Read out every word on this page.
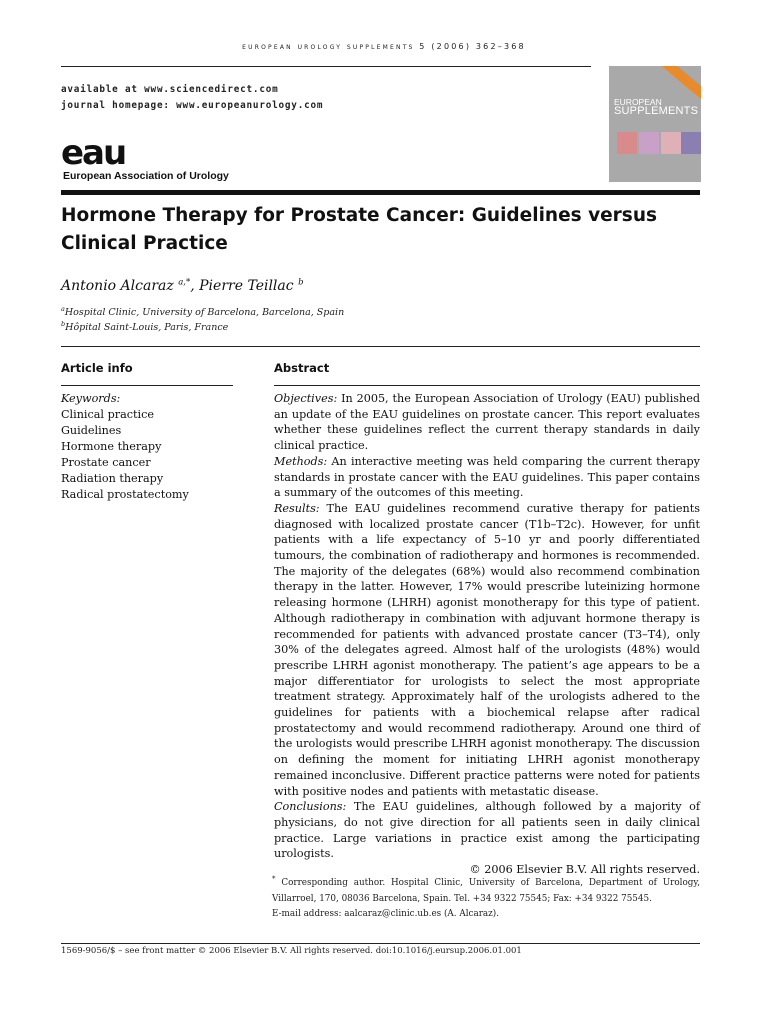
european urology supplements 5 (2006) 362–368
available at www.sciencedirect.com
journal homepage: www.europeanurology.com
eau
European Association of Urology
EUROPEAN
SUPPLEMENTS
Hormone Therapy for Prostate Cancer: Guidelines versus Clinical Practice
Antonio Alcaraz $^{a,*}$, Pierre Teillac $^b$
$^a$Hospital Clinic, University of Barcelona, Barcelona, Spain
$^b$Hôpital Saint-Louis, Paris, France
Article info	Abstract
Keywords:
Clinical practice
Guidelines
Hormone therapy
Prostate cancer
Radiation therapy
Radical prostatectomy

Objectives: In 2005, the European Association of Urology (EAU) published an update of the EAU guidelines on prostate cancer. This report evaluates whether these guidelines reflect the current therapy standards in daily clinical practice.

Methods: An interactive meeting was held comparing the current therapy standards in prostate cancer with the EAU guidelines. This paper contains a summary of the outcomes of this meeting.

Results: The EAU guidelines recommend curative therapy for patients diagnosed with localized prostate cancer (T1b–T2c). However, for unfit patients with a life expectancy of 5–10 yr and poorly differentiated tumours, the combination of radiotherapy and hormones is recommended. The majority of the delegates (68%) would also recommend combination therapy in the latter. However, 17% would prescribe luteinizing hormone releasing hormone (LHRH) agonist monotherapy for this type of patient. Although radiotherapy in combination with adjuvant hormone therapy is recommended for patients with advanced prostate cancer (T3–T4), only 30% of the delegates agreed. Almost half of the urologists (48%) would prescribe LHRH agonist monotherapy. The patient’s age appears to be a major differentiator for urologists to select the most appropriate treatment strategy. Approximately half of the urologists adhered to the guidelines for patients with a biochemical relapse after radical prostatectomy and would recommend radiotherapy. Around one third of the urologists would prescribe LHRH agonist monotherapy. The discussion on defining the moment for initiating LHRH agonist monotherapy remained inconclusive. Different practice patterns were noted for patients with positive nodes and patients with metastatic disease.

Conclusions: The EAU guidelines, although followed by a majority of physicians, do not give direction for all patients seen in daily clinical practice. Large variations in practice exist among the participating urologists.

© 2006 Elsevier B.V. All rights reserved.

* Corresponding author. Hospital Clinic, University of Barcelona, Department of Urology, Villarroel, 170, 08036 Barcelona, Spain. Tel. +34 9322 75545; Fax: +34 9322 75545.
E-mail address: aalcaraz@clinic.ub.es (A. Alcaraz).
1569-9056/$ – see front matter © 2006 Elsevier B.V. All rights reserved. doi:10.1016/j.eursup.2006.01.001
